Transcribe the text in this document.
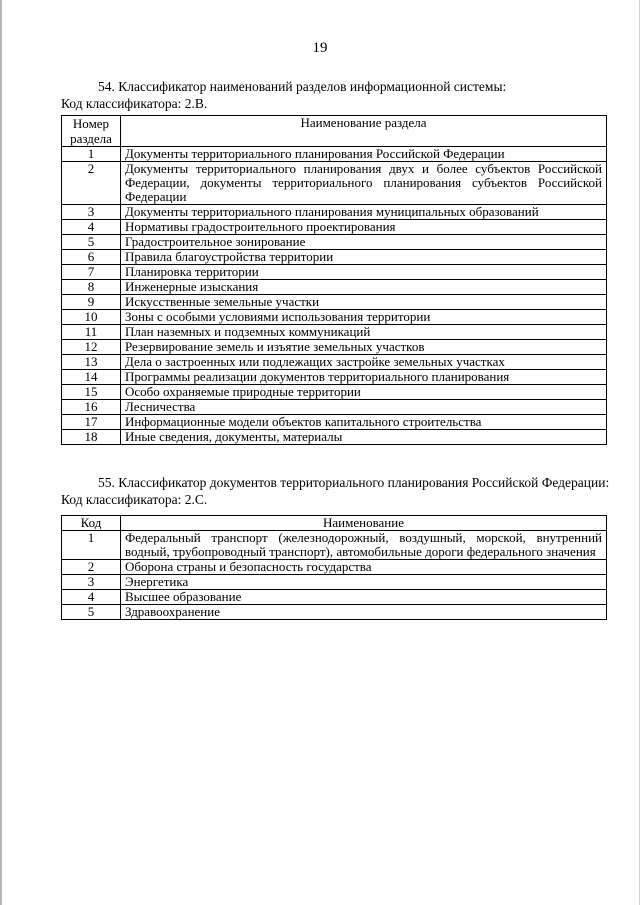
19
54. Классификатор наименований разделов информационной системы:
Код классификатора: 2.В.
Номер раздела	Наименование раздела
1	Документы территориального планирования Российской Федерации
2	Документы территориального планирования двух и более субъектов Российской Федерации, документы территориального планирования субъектов Российской Федерации
3	Документы территориального планирования муниципальных образований
4	Нормативы градостроительного проектирования
5	Градостроительное зонирование
6	Правила благоустройства территории
7	Планировка территории
8	Инженерные изыскания
9	Искусственные земельные участки
10	Зоны с особыми условиями использования территории
11	План наземных и подземных коммуникаций
12	Резервирование земель и изъятие земельных участков
13	Дела о застроенных или подлежащих застройке земельных участках
14	Программы реализации документов территориального планирования
15	Особо охраняемые природные территории
16	Лесничества
17	Информационные модели объектов капитального строительства
18	Иные сведения, документы, материалы
55. Классификатор документов территориального планирования Российской Федерации:
Код классификатора: 2.С.
Код	Наименование
1	Федеральный транспорт (железнодорожный, воздушный, морской, внутренний водный, трубопроводный транспорт), автомобильные дороги федерального значения
2	Оборона страны и безопасность государства
3	Энергетика
4	Высшее образование
5	Здравоохранение
